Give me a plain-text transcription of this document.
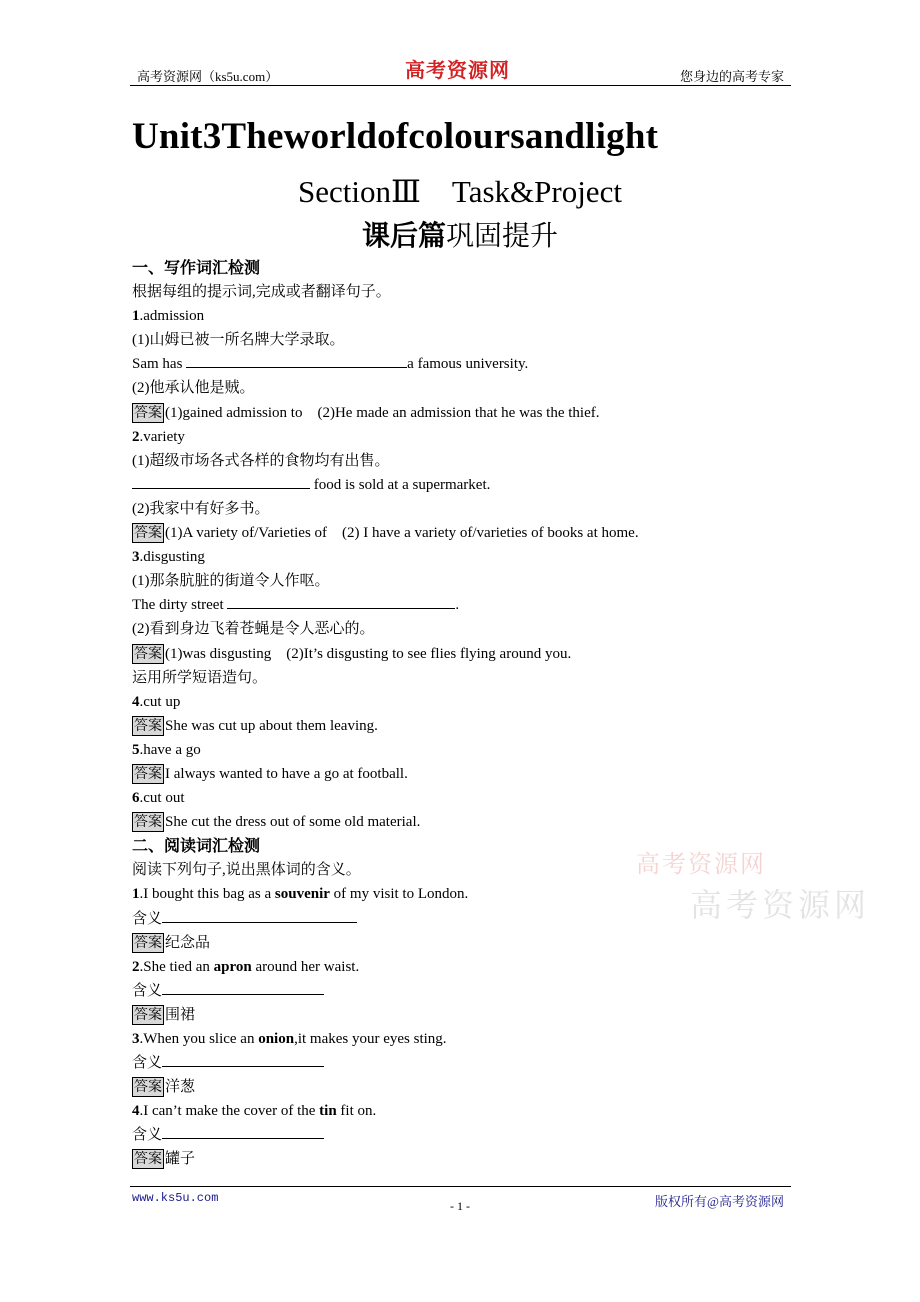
高考资源网（ks5u.com）	高考资源网	您身边的高考专家
Unit3Theworldofcoloursandlight
SectionⅢ　Task&Project
课后篇巩固提升
一、写作词汇检测
根据每组的提示词,完成或者翻译句子。
1.admission
(1)山姆已被一所名牌大学录取。
Sam has	a famous university.
(2)他承认他是贼。
答案 (1)gained admission to　(2)He made an admission that he was the thief.
2.variety
(1)超级市场各式各样的食物均有出售。
food is sold at a supermarket.
(2)我家中有好多书。
答案 (1)A variety of/Varieties of　(2) I have a variety of/varieties of books at home.
3.disgusting
(1)那条肮脏的街道令人作呕。
The dirty street	.
(2)看到身边飞着苍蝇是令人恶心的。
答案 (1)was disgusting　(2)It’s disgusting to see flies flying around you.
运用所学短语造句。
4.cut up
答案 She was cut up about them leaving.
5.have a go
答案 I always wanted to have a go at football.
6.cut out
答案 She cut the dress out of some old material.
二、阅读词汇检测
阅读下列句子,说出黑体词的含义。
1.I bought this bag as a souvenir of my visit to London.
含义
答案 纪念品
2.She tied an apron around her waist.
含义
答案 围裙
3.When you slice an onion,it makes your eyes sting.
含义
答案 洋葱
4.I can’t make the cover of the tin fit on.
含义
答案 罐子
高考资源网
高考资源网
www.ks5u.com
- 1 -	版权所有@高考资源网
